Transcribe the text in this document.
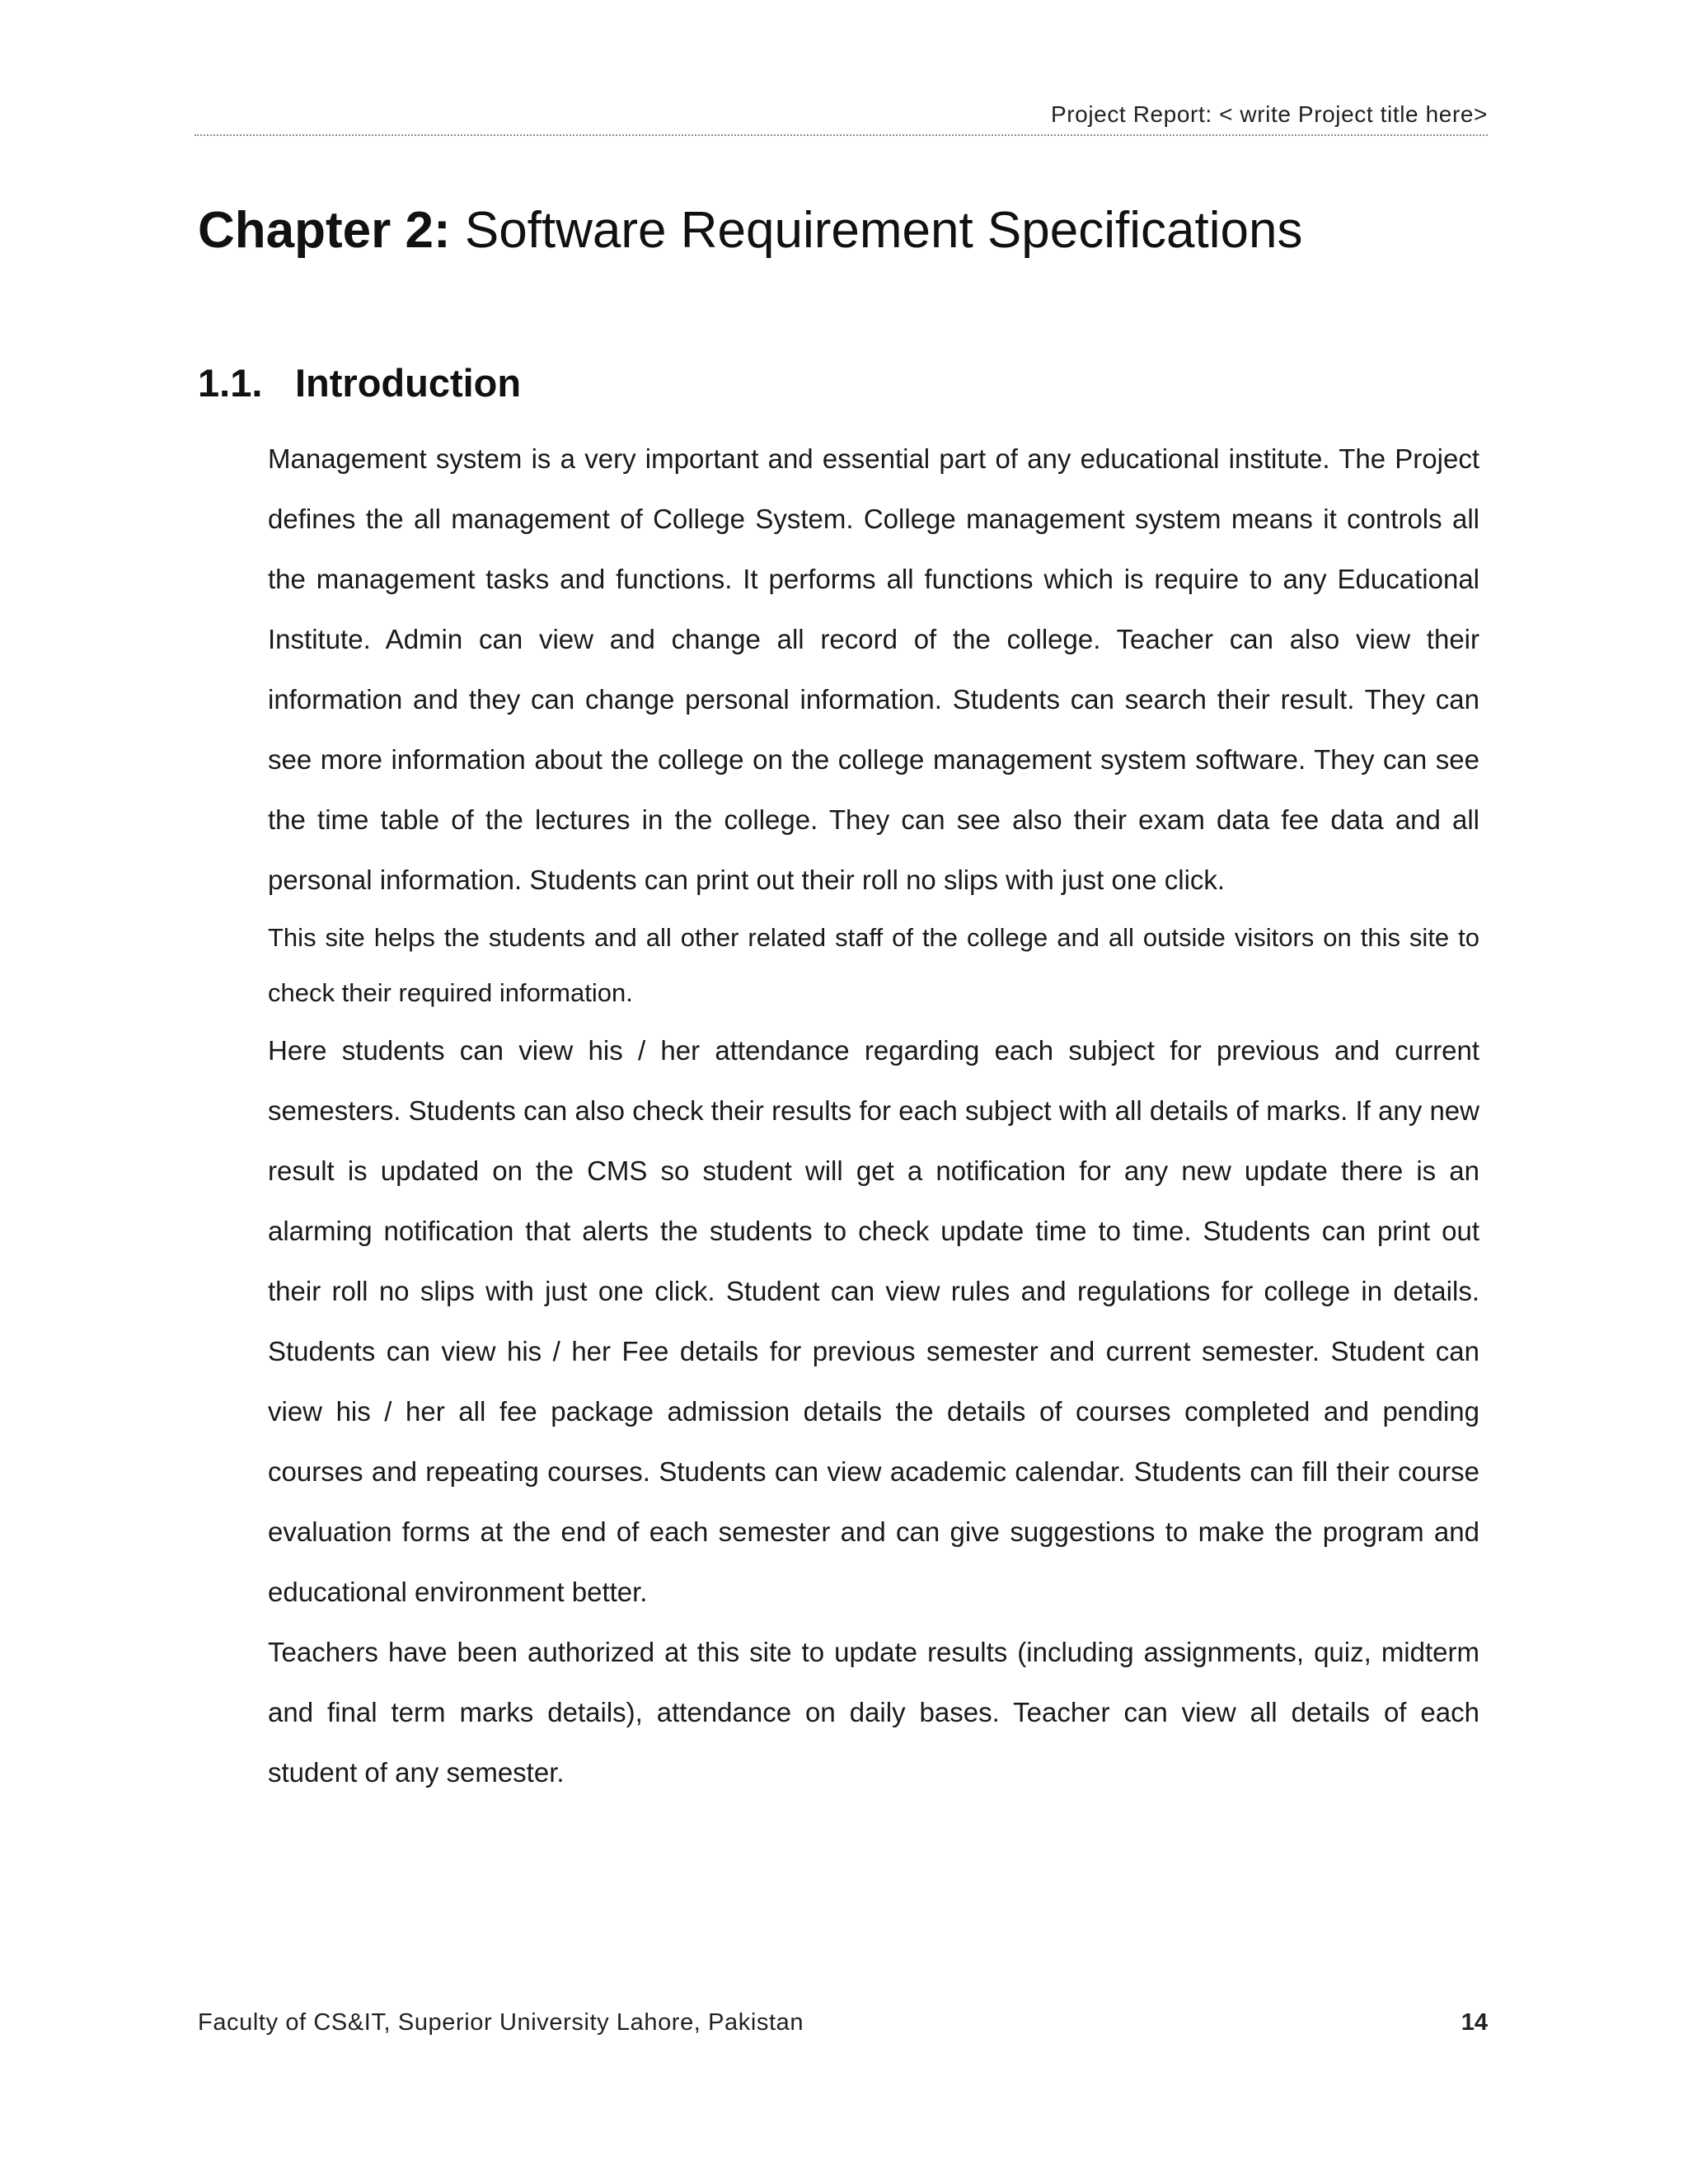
Project Report: < write Project title here>
Chapter 2: Software Requirement Specifications
1.1. Introduction

Management system is a very important and essential part of any educational institute. The Project defines the all management of College System. College management system means it controls all the management tasks and functions. It performs all functions which is require to any Educational Institute. Admin can view and change all record of the college. Teacher can also view their information and they can change personal information. Students can search their result. They can see more information about the college on the college management system software. They can see the time table of the lectures in the college. They can see also their exam data fee data and all personal information. Students can print out their roll no slips with just one click.

This site helps the students and all other related staff of the college and all outside visitors on this site to check their required information.

Here students can view his / her attendance regarding each subject for previous and current semesters. Students can also check their results for each subject with all details of marks. If any new result is updated on the CMS so student will get a notification for any new update there is an alarming notification that alerts the students to check update time to time. Students can print out their roll no slips with just one click. Student can view rules and regulations for college in details. Students can view his / her Fee details for previous semester and current semester. Student can view his / her all fee package admission details the details of courses completed and pending courses and repeating courses. Students can view academic calendar. Students can fill their course evaluation forms at the end of each semester and can give suggestions to make the program and educational environment better.

Teachers have been authorized at this site to update results (including assignments, quiz, midterm and final term marks details), attendance on daily bases. Teacher can view all details of each student of any semester.

Faculty of CS&IT, Superior University Lahore, Pakistan	14
